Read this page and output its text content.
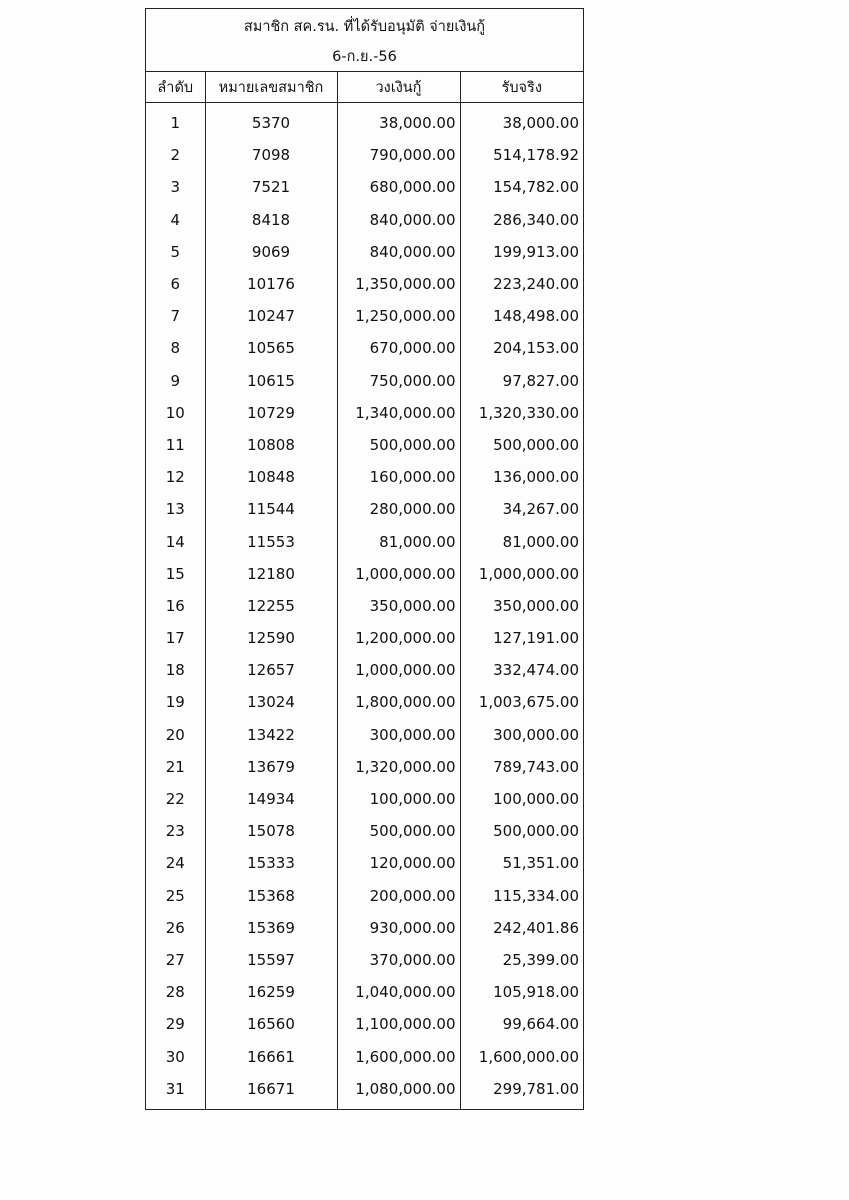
สมาชิก สค.รน. ที่ได้รับอนุมัติ จ่ายเงินกู้
6-ก.ย.-56
ลำดับ	หมายเลขสมาชิก	วงเงินกู้	รับจริง
1	5370	38,000.00	38,000.00
2	7098	790,000.00	514,178.92
3	7521	680,000.00	154,782.00
4	8418	840,000.00	286,340.00
5	9069	840,000.00	199,913.00
6	10176	1,350,000.00	223,240.00
7	10247	1,250,000.00	148,498.00
8	10565	670,000.00	204,153.00
9	10615	750,000.00	97,827.00
10	10729	1,340,000.00	1,320,330.00
11	10808	500,000.00	500,000.00
12	10848	160,000.00	136,000.00
13	11544	280,000.00	34,267.00
14	11553	81,000.00	81,000.00
15	12180	1,000,000.00	1,000,000.00
16	12255	350,000.00	350,000.00
17	12590	1,200,000.00	127,191.00
18	12657	1,000,000.00	332,474.00
19	13024	1,800,000.00	1,003,675.00
20	13422	300,000.00	300,000.00
21	13679	1,320,000.00	789,743.00
22	14934	100,000.00	100,000.00
23	15078	500,000.00	500,000.00
24	15333	120,000.00	51,351.00
25	15368	200,000.00	115,334.00
26	15369	930,000.00	242,401.86
27	15597	370,000.00	25,399.00
28	16259	1,040,000.00	105,918.00
29	16560	1,100,000.00	99,664.00
30	16661	1,600,000.00	1,600,000.00
31	16671	1,080,000.00	299,781.00
